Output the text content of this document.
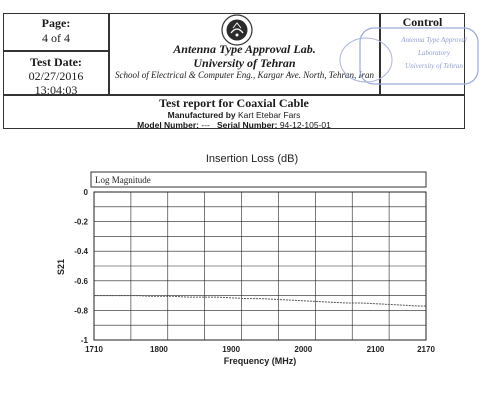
Page:
4 of 4
Test Date:
02/27/2016
13:04:03
Antenna Type Approval Lab.
University of Tehran
School of Electrical & Computer Eng., Kargar Ave. North, Tehran, Iran
Control
Test report for Coaxial Cable
Manufactured by Kart Etebar Fars
Model Number: --- Serial Number: 94-12-105-01
Antenna Type Approval
Laboratory
University of Tehran
Insertion Loss (dB)
Log Magnitude
0
-0.2
-0.4
-0.6
-0.8
-1
1710	1800	1900	2000	2100	2170
S21
Frequency (MHz)
